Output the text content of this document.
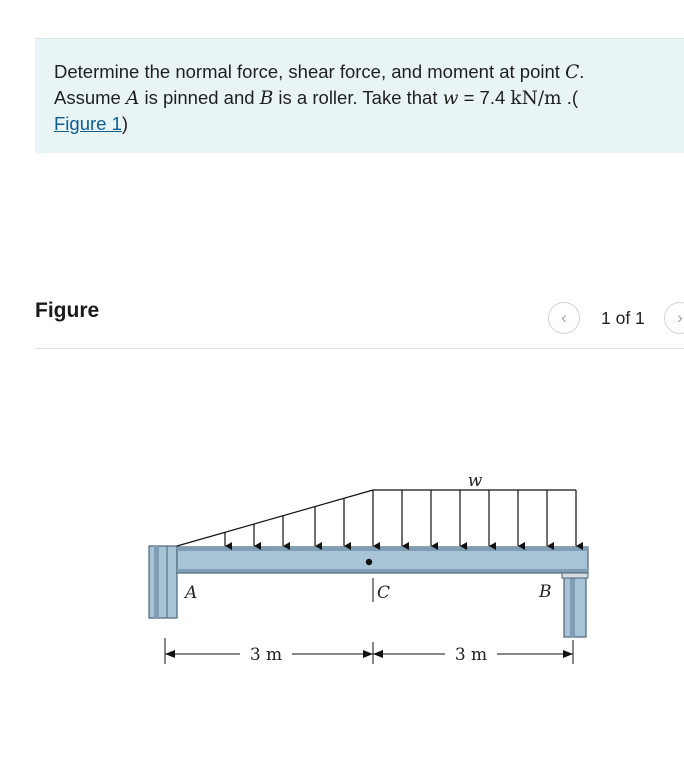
Determine the normal force, shear force, and moment at point C.
Assume A is pinned and B is a roller. Take that w = 7.4 kN/m .(
Figure 1)
Figure	‹	1 of 1	›
w
A	C	B
3 m	3 m
